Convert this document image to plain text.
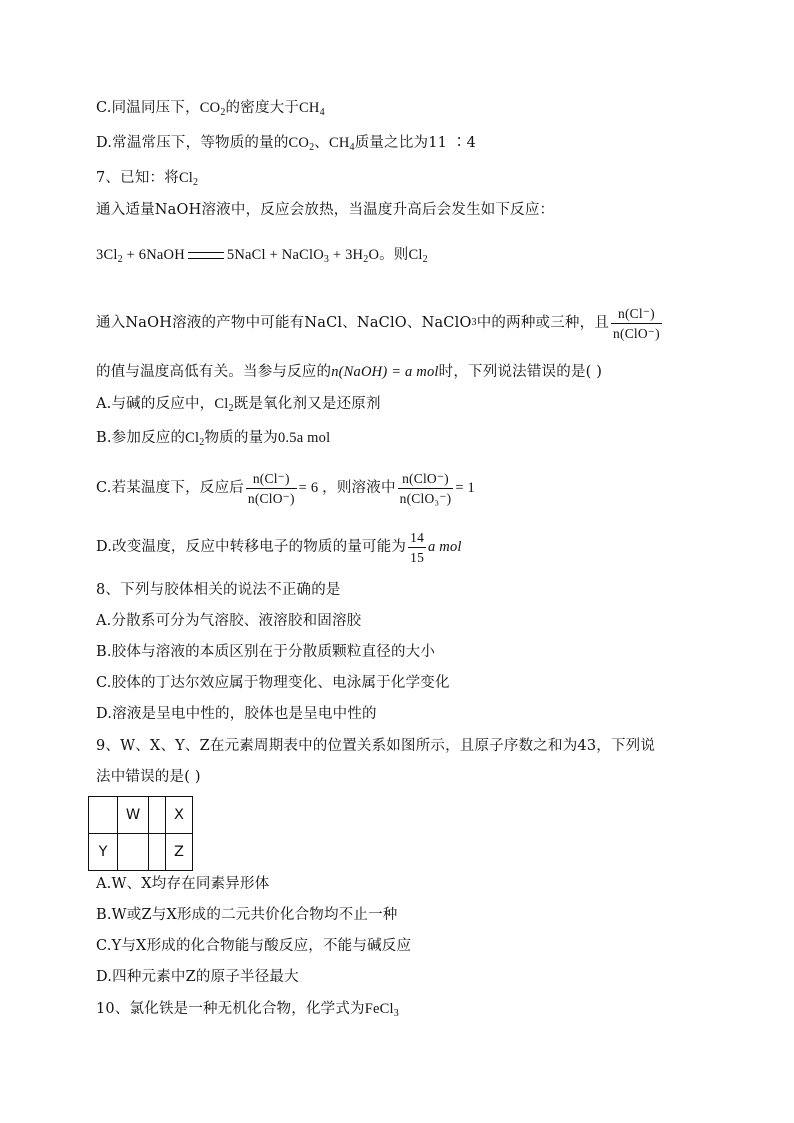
C.同温同压下，$CO_2$的密度大于$CH_4$
D.常温常压下，等物质的量的$CO_2$、$CH_4$质量之比为11 ∶4
7、已知：将$Cl_2$
通入适量NaOH溶液中，反应会放热，当温度升高后会发生如下反应：
$3Cl_2$ + 6NaOH	5NaCl + NaClO$_3$ + $3H_2O$。则$Cl_2$
通入NaOH溶液的产物中可能有NaCl、NaClO、NaClO 3 中的两种或三种，且 $\frac{n(Cl^-)}{\text{n(ClO⁻)}}$
的值与温度高低有关。当参与反应的n(NaOH) = a mol时，下列说法错误的是( )
A.与碱的反应中，$Cl_2$既是氧化剂又是还原剂
B.参加反应的$Cl_2$物质的量为0.5a mol
C.若某温度下，反应后 $\frac{n(Cl^-)}{\text{n(ClO⁻)}} = 6$ ，则溶液中 $\frac{\text{n(ClO⁻)}}{\text{n(ClO₃⁻)}} = 1$
D.改变温度，反应中转移电子的物质的量可能为 $\frac{14}{15}$ a mol
8、下列与胶体相关的说法不正确的是
A.分散系可分为气溶胶、液溶胶和固溶胶
B.胶体与溶液的本质区别在于分散质颗粒直径的大小
C.胶体的丁达尔效应属于物理变化、电泳属于化学变化
D.溶液是呈电中性的，胶体也是呈电中性的
9、W、X、Y、Z在元素周期表中的位置关系如图所示，且原子序数之和为43，下列说
法中错误的是( )
	W		X
Y			Z
A.W、X均存在同素异形体
B.W或Z与X形成的二元共价化合物均不止一种
C.Y与X形成的化合物能与酸反应，不能与碱反应
D.四种元素中Z的原子半径最大
10、氯化铁是一种无机化合物，化学式为FeCl$_3$
